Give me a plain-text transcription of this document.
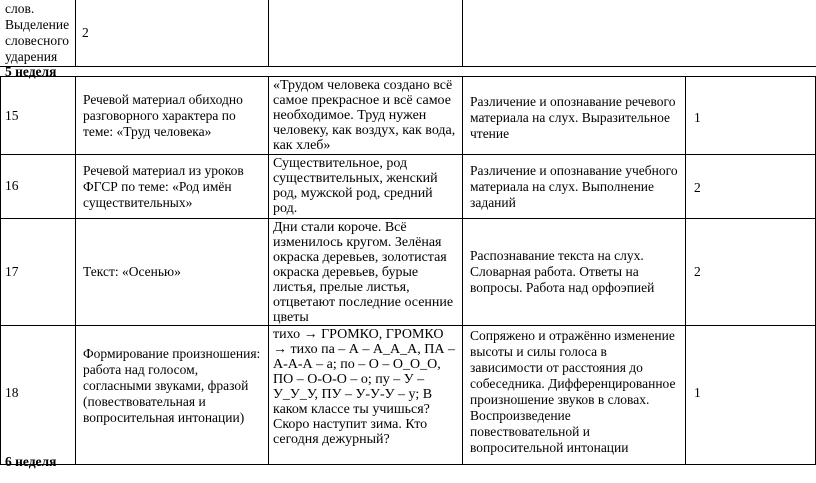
слов. Выделение словесного ударения

2

5 неделя

15

Речевой материал обиходно разговорного характера по теме: «Труд человека»

«Трудом человека создано всё самое прекрасное и всё самое необходимое. Труд нужен человеку, как воздух, как вода, как хлеб»

Различение и опознавание речевого материала на слух. Выразительное чтение

1

16

Речевой материал из уроков ФГСР по теме: «Род имён существительных»

Существительное, род существительных, женский род, мужской род, средний род.

Различение и опознавание учебного материала на слух. Выполнение заданий

2

17	Текст: «Осенью»

Дни стали короче. Всё изменилось кругом. Зелёная окраска деревьев, золотистая окраска деревьев, бурые листья, прелые листья, отцветают последние осенние цветы

Распознавание текста на слух. Словарная работа. Ответы на вопросы. Работа над орфоэпией

2

18

Формирование произношения: работа над голосом, согласными звуками, фразой (повествовательная и вопросительная интонации)

тихо → ГРОМКО, ГРОМКО → тихо па – А – А_А_А, ПА – А-А-А – а; по – О – О_О_О, ПО – О-О-О – о; пу – У – У_У_У, ПУ – У-У-У – у; В каком классе ты учишься? Скоро наступит зима. Кто сегодня дежурный?

Сопряжено и отражённо изменение высоты и силы голоса в зависимости от расстояния до собеседника. Дифференцированное произношение звуков в словах. Воспроизведение повествовательной и вопросительной интонации

1

6 неделя
